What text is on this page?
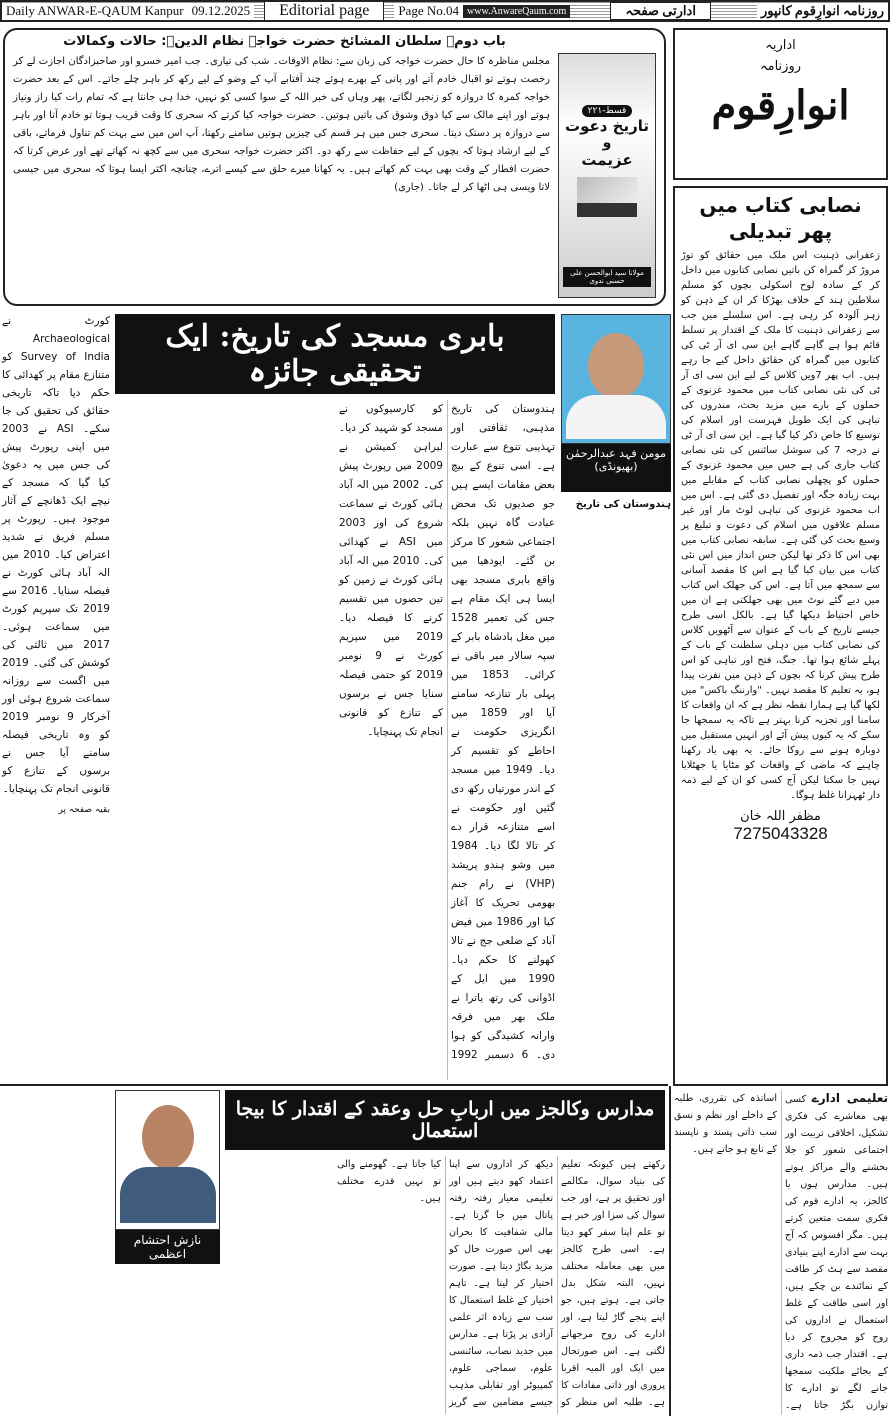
Daily ANWAR-E-QAUM Kanpur 09.12.2025	Editorial page	Page No.04 www.AnwareQaum.com	ادارتی صفحہ	روزنامہ انوارِقوم کانپور
باب دوم۔ سلطان المشائخ حضرت خواجہ نظام الدینؒ: حالات وکمالات
قسط-۲۲۱
تاریخ دعوت
و
عزیمت
مولانا سید ابوالحسن علی حسنی ندوی
مجلس مناظرہ کا حال حضرت خواجہ کی زبان سے: نظام الاوقات۔ شب کی تیاری۔ جب امیر خسرو اور صاحبزادگان اجازت لے کر رخصت ہوتے تو اقبال خادم آتے اور پانی کے بھرے ہوئے چند آفتابے آپ کے وضو کے لیے رکھ کر باہر چلے جاتے۔ اس کے بعد حضرت خواجہ کمرہ کا دروازہ کو زنجیر لگاتے، پھر وہاں کی خبر اللہ کے سوا کسی کو نہیں، خدا ہی جانتا ہے کہ تمام رات کیا راز ونیاز ہوتے اور اپنے مالک سے کیا ذوق وشوق کی باتیں ہوتیں۔ حضرت خواجہ کیا کرتے کہ سحری کا وقت قریب ہوتا تو خادم آتا اور باہر سے دروازہ پر دستک دیتا۔ سحری جس میں ہر قسم کی چیزیں ہوتیں سامنے رکھتا، آپ اس میں سے بہت کم تناول فرماتے، باقی کے لیے ارشاد ہوتا کہ بچوں کے لیے حفاظت سے رکھ دو۔ اکثر حضرت خواجہ سحری میں سے کچھ نہ کھاتے تھے اور عرض کرتا کہ حضرت افطار کے وقت بھی بہت کم کھاتے ہیں۔ یہ کھانا میرے حلق سے کیسے اترے، چنانچہ اکثر ایسا ہوتا کہ سحری میں جیسی لاتا ویسی ہی اٹھا کر لے جاتا۔ (جاری)
اداریہ
روزنامہ
انوارِقوم
نصابی کتاب میں پھر تبدیلی
زعفرانی ذہنیت اس ملک میں حقائق کو توڑ مروڑ کر گمراہ کن باتیں نصابی کتابوں میں داخل کر کے سادہ لوح اسکولی بچوں کو مسلم سلاطین ہند کے خلاف بھڑکا کر ان کے ذہن کو زہر آلودہ کر رہی ہے۔ اس سلسلے میں جب سے زعفرانی ذہنیت کا ملک کے اقتدار پر تسلط قائم ہوا ہے گاہے گاہے این سی ای آر ٹی کی کتابوں میں گمراہ کن حقائق داخل کیے جا رہے ہیں۔ اب پھر 7ویں کلاس کے لیے این سی ای آر ٹی کی نئی نصابی کتاب میں محمود غزنوی کے حملوں کے بارے میں مزید بحث، مندروں کی تباہی کی ایک طویل فہرست اور اسلام کی توسیع کا خاص ذکر کیا گیا ہے۔ این سی ای آر ٹی نے درجہ 7 کی سوشل سائنس کی نئی نصابی کتاب جاری کی ہے جس میں محمود غزنوی کے حملوں کو پچھلی نصابی کتاب کے مقابلے میں بہت زیادہ جگہ اور تفصیل دی گئی ہے۔ اس میں اب محمود غزنوی کی تباہی لوٹ مار اور غیر مسلم علاقوں میں اسلام کی دعوت و تبلیغ پر وسیع بحث کی گئی ہے۔ سابقہ نصابی کتاب میں بھی اس کا ذکر تھا لیکن جس انداز میں اس نئی کتاب میں بیان کیا گیا ہے اس کا مقصد آسانی سے سمجھ میں آتا ہے۔ اس کی جھلک اس کتاب میں دیے گئے نوٹ میں بھی جھلکتی ہے ان میں خاص احتیاط دیکھا گیا ہے۔ بالکل اسی طرح جیسے تاریخ کے باب کے عنوان سے آٹھویں کلاس کی نصابی کتاب میں دہلی سلطنت کے باب کے پہلے شائع ہوا تھا۔ جنگ، فتح اور تباہی کو اس طرح پیش کرنا کہ بچوں کے ذہن میں نفرت پیدا ہو، یہ تعلیم کا مقصد نہیں۔ "وارننگ باکس" میں لکھا گیا ہے ہمارا نقطہ نظر ہے کہ ان واقعات کا سامنا اور تجزیہ کرنا بہتر ہے تاکہ یہ سمجھا جا سکے کہ یہ کیوں پیش آئے اور انہیں مستقبل میں دوبارہ ہونے سے روکا جائے۔ یہ بھی یاد رکھنا چاہیے کہ ماضی کے واقعات کو مٹایا یا جھٹلایا نہیں جا سکتا لیکن آج کسی کو ان کے لیے ذمہ دار ٹھہرانا غلط ہوگا۔
مظفر اللہ خان
7275043328
بابری مسجد کی تاریخ: ایک تحقیقی جائزہ
مومن فہد عبدالرحمٰن
(بھیونڈی)
ہندوستان کی تاریخ
ہندوستان کی تاریخ مذہبی، ثقافتی اور تہذیبی تنوع سے عبارت ہے۔ اسی تنوع کے بیچ بعض مقامات ایسے ہیں جو صدیوں تک محض عبادت گاہ نہیں بلکہ اجتماعی شعور کا مرکز بن گئے۔ ایودھیا میں واقع بابری مسجد بھی ایسا ہی ایک مقام ہے جس کی تعمیر 1528 میں مغل بادشاہ بابر کے سپہ سالار میر باقی نے کرائی۔ 1853 میں پہلی بار تنازعہ سامنے آیا اور 1859 میں انگریزی حکومت نے احاطے کو تقسیم کر دیا۔ 1949 میں مسجد کے اندر مورتیاں رکھ دی گئیں اور حکومت نے اسے متنازعہ قرار دے کر تالا لگا دیا۔ 1984 میں وشو ہندو پریشد (VHP) نے رام جنم بھومی تحریک کا آغاز کیا اور 1986 میں فیض آباد کے ضلعی جج نے تالا کھولنے کا حکم دیا۔ 1990 میں ایل کے اڈوانی کی رتھ یاترا نے ملک بھر میں فرقہ وارانہ کشیدگی کو ہوا دی۔ 6 دسمبر 1992 کو کارسیوکوں نے مسجد کو شہید کر دیا۔ لبراہن کمیشن نے 2009 میں رپورٹ پیش کی۔ 2002 میں الہ آباد ہائی کورٹ نے سماعت شروع کی اور 2003 میں ASI نے کھدائی کی۔ 2010 میں الہ آباد ہائی کورٹ نے زمین کو تین حصوں میں تقسیم کرنے کا فیصلہ دیا۔ 2019 میں سپریم کورٹ نے 9 نومبر 2019 کو حتمی فیصلہ سنایا جس نے برسوں کے تنازع کو قانونی انجام تک پہنچایا۔
کورٹ نے Archaeological Survey of India کو متنازع مقام پر کھدائی کا حکم دیا تاکہ تاریخی حقائق کی تحقیق کی جا سکے۔ ASI نے 2003 میں اپنی رپورٹ پیش کی جس میں یہ دعویٰ کیا گیا کہ مسجد کے نیچے ایک ڈھانچے کے آثار موجود ہیں۔ رپورٹ پر مسلم فریق نے شدید اعتراض کیا۔ 2010 میں الہ آباد ہائی کورٹ نے فیصلہ سنایا۔ 2016 سے 2019 تک سپریم کورٹ میں سماعت ہوئی۔ 2017 میں ثالثی کی کوشش کی گئی۔ 2019 میں اگست سے روزانہ سماعت شروع ہوئی اور آخرکار 9 نومبر 2019 کو وہ تاریخی فیصلہ سامنے آیا جس نے برسوں کے تنازع کو قانونی انجام تک پہنچایا۔
بقیہ صفحہ پر
نازش احتشام اعظمی
مدارس وکالجز میں اربابِ حل وعقد کے اقتدار کا بیجا استعمال
رکھتے ہیں کیونکہ تعلیم کی بنیاد سوال، مکالمے اور تحقیق پر ہے، اور جب سوال کی سزا اور خبر ہے تو علم اپنا سفر کھو دیتا ہے۔ اسی طرح کالجز میں بھی معاملہ مختلف نہیں، البتہ شکل بدل جاتی ہے۔ ہوتے ہیں، جو اپنے پنجے گاڑ لیتا ہے، اور ادارے کی روح مرجھانے لگتی ہے۔ اس صورتحال میں ایک اور المیہ اقربا پروری اور ذاتی مفادات کا ہے۔ طلبہ اس منظر کو دیکھ کر اداروں سے اپنا اعتماد کھو دیتے ہیں اور تعلیمی معیار رفتہ رفتہ پاتال میں جا گرتا ہے۔ مالی شفافیت کا بحران بھی اس صورت حال کو مزید بگاڑ دیتا ہے۔ صورت اختیار کر لیتا ہے۔ تاہم اختیار کے غلط استعمال کا سب سے زیادہ اثر علمی آزادی پر پڑتا ہے۔ مدارس میں جدید نصاب، سائنسی علوم، سماجی علوم، کمپیوٹر اور تقابلی مذہب جیسے مضامین سے گریز کیا جاتا ہے۔ گھومنے والی تو نہیں قدرے مختلف ہیں۔
تعلیمی ادارے کسی بھی معاشرے کی فکری تشکیل، اخلاقی تربیت اور اجتماعی شعور کو جلا بخشنے والے مراکز ہوتے ہیں۔ مدارس ہوں یا کالجز، یہ ادارے قوم کی فکری سمت متعین کرتے ہیں۔ مگر افسوس کہ آج بہت سے ادارے اپنے بنیادی مقصد سے ہٹ کر طاقت کے نمائندے بن چکے ہیں، اور اسی طاقت کے غلط استعمال نے اداروں کی روح کو مجروح کر دیا ہے۔ اقتدار جب ذمہ داری کے بجائے ملکیت سمجھا جانے لگے تو ادارے کا توازن بگڑ جاتا ہے۔ اساتذہ کی تقرری، طلبہ کے داخلے اور نظم و نسق سب ذاتی پسند و ناپسند کے تابع ہو جاتے ہیں۔
